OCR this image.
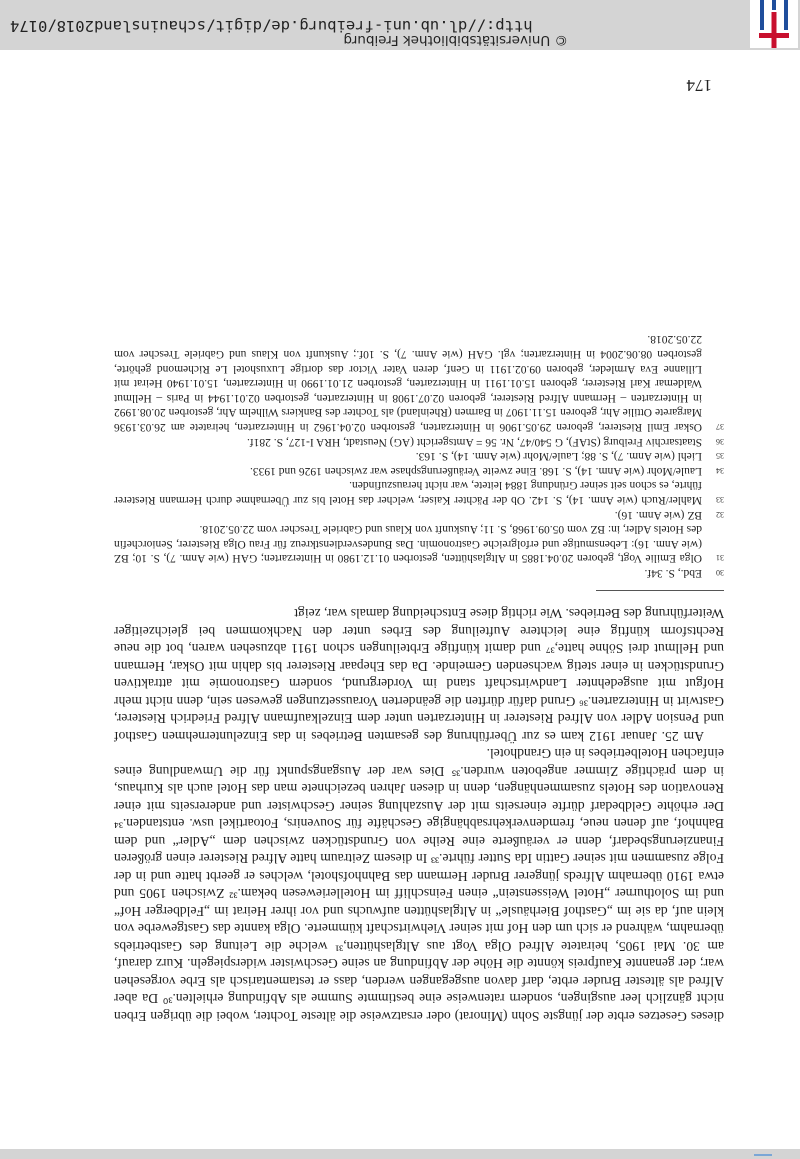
dieses Gesetzes erbte der jüngste Sohn (Minorat) oder ersatzweise die älteste Tochter, wobei die übrigen Erben nicht gänzlich leer ausgingen, sondern ratenweise eine bestimmte Summe als Abfindung erhielten.³⁰ Da aber Alfred als ältester Bruder erbte, darf davon ausgegangen werden, dass er testamentarisch als Erbe vorgesehen war; der genannte Kaufpreis könnte die Höhe der Abfindung an seine Geschwister widerspiegeln. Kurz darauf, am 30. Mai 1905, heiratete Alfred Olga Vogt aus Altglashütten,³¹ welche die Leitung des Gastbetriebs übernahm, während er sich um den Hof mit seiner Viehwirtschaft kümmerte. Olga kannte das Gastgewerbe von klein auf, da sie im „Gasthof Bierhäusle“ in Altglashütten aufwuchs und vor ihrer Heirat im „Feldberger Hof“ und im Solothurner „Hotel Weissenstein“ einen Feinschliff im Hotelleriewesen bekam.³² Zwischen 1905 und etwa 1910 übernahm Alfreds jüngerer Bruder Hermann das Bahnhofshotel, welches er geerbt hatte und in der Folge zusammen mit seiner Gattin Ida Sutter führte.³³ In diesem Zeitraum hatte Alfred Riesterer einen größeren Finanzierungsbedarf, denn er veräußerte eine Reihe von Grundstücken zwischen dem „Adler“ und dem Bahnhof, auf denen neue, fremdenverkehrsabhängige Geschäfte für Souvenirs, Fotoartikel usw. entstanden.³⁴ Der erhöhte Geldbedarf dürfte einerseits mit der Auszahlung seiner Geschwister und andererseits mit einer Renovation des Hotels zusammenhängen, denn in diesen Jahren bezeichnete man das Hotel auch als Kurhaus, in dem prächtige Zimmer angeboten wurden.³⁵ Dies war der Ausgangspunkt für die Umwandlung eines einfachen Hotelbetriebes in ein Grandhotel.

Am 25. Januar 1912 kam es zur Überführung des gesamten Betriebes in das Einzelunternehmen Gasthof und Pension Adler von Alfred Riesterer in Hinterzarten unter dem Einzelkaufmann Alfred Friedrich Riesterer, Gastwirt in Hinterzarten.³⁶ Grund dafür dürften die geänderten Voraussetzungen gewesen sein, denn nicht mehr Hofgut mit ausgedehnter Landwirtschaft stand im Vordergrund, sondern Gastronomie mit attraktiven Grundstücken in einer stetig wachsenden Gemeinde. Da das Ehepaar Riesterer bis dahin mit Oskar, Hermann und Hellmut drei Söhne hatte,³⁷ und damit künftige Erbteilungen schon 1911 abzusehen waren, bot die neue Rechtsform künftig eine leichtere Aufteilung des Erbes unter den Nachkommen bei gleichzeitiger Weiterführung des Betriebes. Wie richtig diese Entscheidung damals war, zeigt

30
Ebd., S. 34f.
31
Olga Emilie Vogt, geboren 20.04.1885 in Altglashütten, gestorben 01.12.1980 in Hinterzarten; GAH (wie Anm. 7), S. 10; BZ (wie Anm. 16): Lebensmutige und erfolgreiche Gastronomin. Das Bundesverdienstkreuz für Frau Olga Riesterer, Seniorchefin des Hotels Adler, in: BZ vom 05.09.1968, S. 11; Auskunft von Klaus und Gabriele Trescher vom 22.05.2018.
32
BZ (wie Anm. 16).
33
Mahler/Ruch (wie Anm. 14), S. 142. Ob der Pächter Kaiser, welcher das Hotel bis zur Übernahme durch Hermann Riesterer führte, es schon seit seiner Gründung 1884 leitete, war nicht herauszufinden.
34
Laule/Mohr (wie Anm. 14), S. 168. Eine zweite Veräußerungsphase war zwischen 1926 und 1933.
35
Liehl (wie Anm. 7), S. 88; Laule/Mohr (wie Anm. 14), S. 163.
36
Staatsarchiv Freiburg (StAF), G 540/47, Nr. 56 = Amtsgericht (AG) Neustadt, HRA I-127, S. 281f.
37
Oskar Emil Riesterer, geboren 29.05.1906 in Hinterzarten, gestorben 02.04.1962 in Hinterzarten, heiratete am 26.03.1936 Margarete Ottilie Ahr, geboren 15.11.1907 in Barmen (Rheinland) als Tochter des Bankiers Wilhelm Ahr, gestorben 20.08.1992 in Hinterzarten – Hermann Alfred Riesterer, geboren 02.07.1908 in Hinterzarten, gestorben 02.01.1944 in Paris – Hellmut Waldemar Karl Riesterer, geboren 15.01.1911 in Hinterzarten, gestorben 21.01.1990 in Hinterzarten, 15.01.1940 Heirat mit Lilianne Eva Armleder, geboren 09.02.1911 in Genf, deren Vater Victor das dortige Luxushotel Le Richemond gehörte, gestorben 08.06.2004 in Hinterzarten; vgl. GAH (wie Anm. 7), S. 10f.; Auskunft von Klaus und Gabriele Trescher vom 22.05.2018.
174
© Universitätsbibliothek Freiburg
http://dl.ub.uni-freiburg.de/digit/schauinsland2018/0174
